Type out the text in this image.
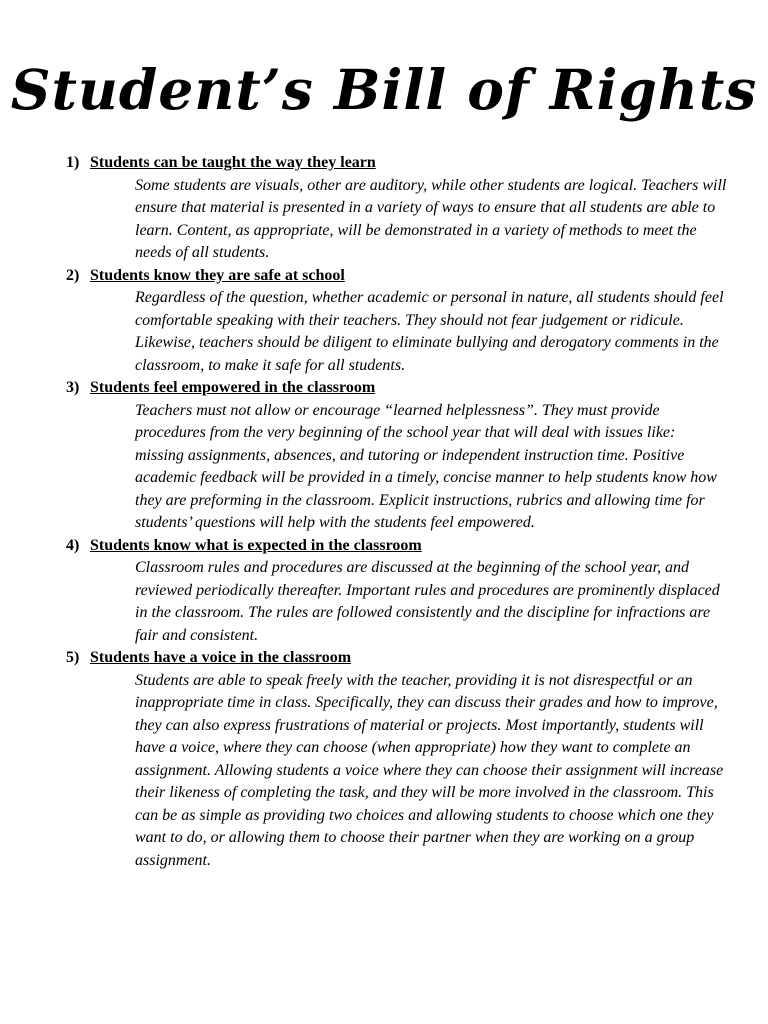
Student’s Bill of Rights
1) Students can be taught the way they learn

Some students are visuals, other are auditory, while other students are logical. Teachers will ensure that material is presented in a variety of ways to ensure that all students are able to learn. Content, as appropriate, will be demonstrated in a variety of methods to meet the needs of all students.

2) Students know they are safe at school

Regardless of the question, whether academic or personal in nature, all students should feel comfortable speaking with their teachers. They should not fear judgement or ridicule. Likewise, teachers should be diligent to eliminate bullying and derogatory comments in the classroom, to make it safe for all students.

3) Students feel empowered in the classroom

Teachers must not allow or encourage “learned helplessness”. They must provide procedures from the very beginning of the school year that will deal with issues like: missing assignments, absences, and tutoring or independent instruction time. Positive academic feedback will be provided in a timely, concise manner to help students know how they are preforming in the classroom. Explicit instructions, rubrics and allowing time for students’ questions will help with the students feel empowered.

4) Students know what is expected in the classroom

Classroom rules and procedures are discussed at the beginning of the school year, and reviewed periodically thereafter. Important rules and procedures are prominently displaced in the classroom. The rules are followed consistently and the discipline for infractions are fair and consistent.

5) Students have a voice in the classroom

Students are able to speak freely with the teacher, providing it is not disrespectful or an inappropriate time in class. Specifically, they can discuss their grades and how to improve, they can also express frustrations of material or projects. Most importantly, students will have a voice, where they can choose (when appropriate) how they want to complete an assignment. Allowing students a voice where they can choose their assignment will increase their likeness of completing the task, and they will be more involved in the classroom. This can be as simple as providing two choices and allowing students to choose which one they want to do, or allowing them to choose their partner when they are working on a group assignment.
